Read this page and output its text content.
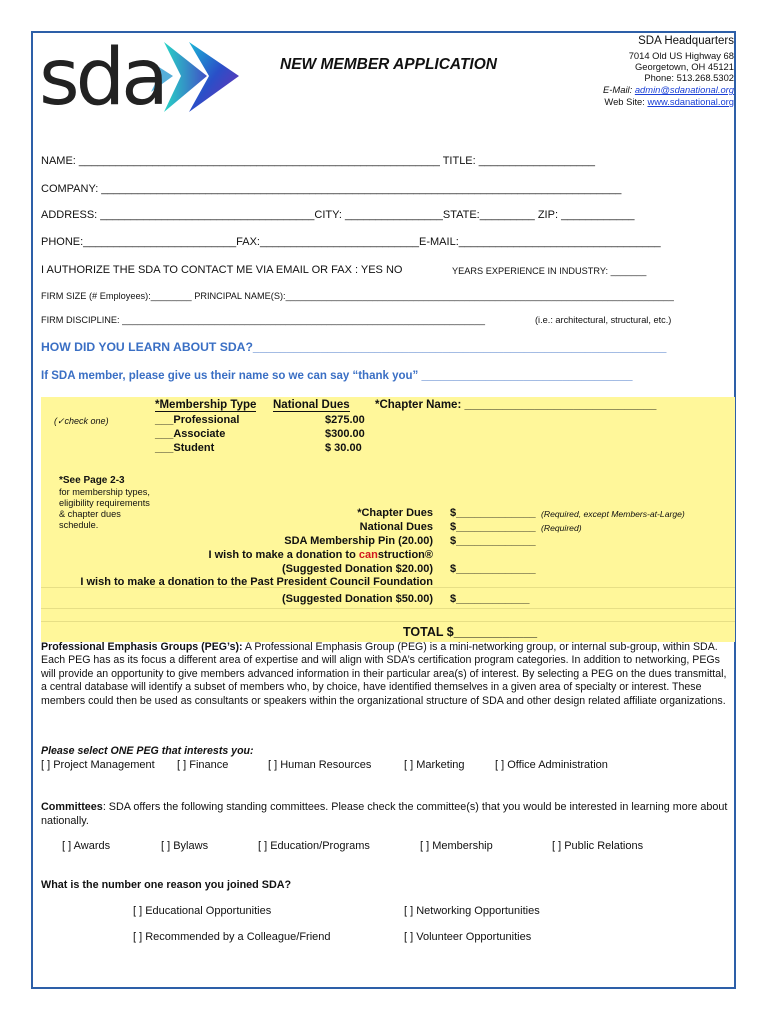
sda	NEW MEMBER APPLICATION
SDA Headquarters
7014 Old US Highway 68
Georgetown, OH 45121
Phone: 513.268.5302
E-Mail: admin@sdanational.org
Web Site: www.sdanational.org
NAME: ___________________________________________________________ TITLE: ___________________
COMPANY: _____________________________________________________________________________________
ADDRESS: ___________________________________CITY: ________________STATE:_________ ZIP: ____________
PHONE:_________________________FAX:__________________________E-MAIL:_________________________________
I AUTHORIZE THE SDA TO CONTACT ME VIA EMAIL OR FAX : YES NO	YEARS EXPERIENCE IN INDUSTRY: _______
FIRM SIZE (# Employees):________ PRINCIPAL NAME(S):____________________________________________________________________________
FIRM DISCIPLINE: _______________________________________________________________________	(i.e.: architectural, structural, etc.)
HOW DID YOU LEARN ABOUT SDA?_____________________________________________________________
If SDA member, please give us their name so we can say “thank you” _________________________________
*Membership Type National Dues *Chapter Name: ______________________________
(✓check one)	___Professional	$275.00
___Associate	$300.00
___Student	$ 30.00
*See Page 2-3
for membership types,
eligibility requirements
& chapter dues
schedule.
*Chapter Dues $_____________ (Required, except Members-at-Large)
National Dues $_____________ (Required)
SDA Membership Pin (20.00) $_____________
I wish to make a donation to canstruction®
(Suggested Donation $20.00) $_____________
I wish to make a donation to the Past President Council Foundation
(Suggested Donation $50.00) $____________
TOTAL $____________
Professional Emphasis Groups (PEG’s): A Professional Emphasis Group (PEG) is a mini-networking group, or internal sub-group, within SDA. Each PEG has as its focus a different area of expertise and will align with SDA’s certification program categories. In addition to networking, PEGs will provide an opportunity to give members advanced information in their particular area(s) of interest. By selecting a PEG on the dues transmittal, a central database will identify a subset of members who, by choice, have identified themselves in a given area of specialty or interest. These members could then be used as consultants or speakers within the organizational structure of SDA and other design related affiliate organizations.
Please select ONE PEG that interests you:
[ ] Project Management [ ] Finance	[ ] Human Resources	[ ] Marketing	[ ] Office Administration
Committees: SDA offers the following standing committees. Please check the committee(s) that you would be interested in learning more about nationally.
[ ] Awards	[ ] Bylaws	[ ] Education/Programs	[ ] Membership	[ ] Public Relations
What is the number one reason you joined SDA?
[ ] Educational Opportunities	[ ] Networking Opportunities
[ ] Recommended by a Colleague/Friend	[ ] Volunteer Opportunities
